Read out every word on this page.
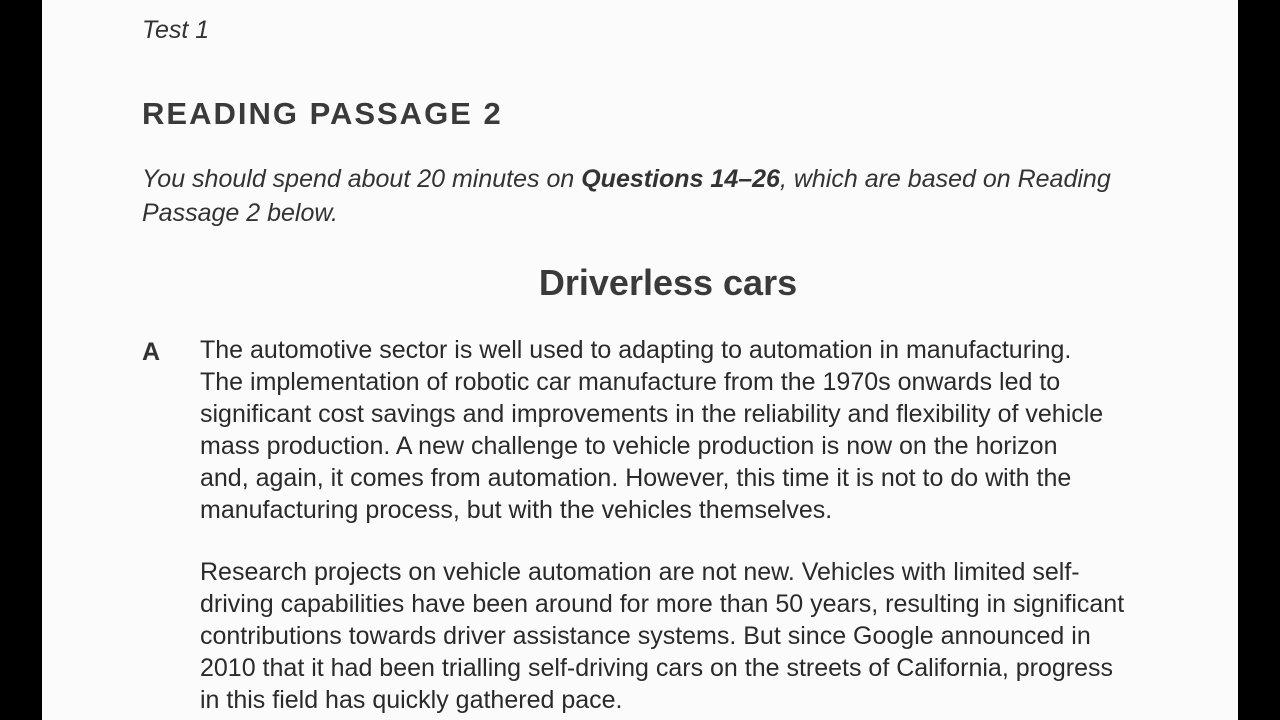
Test 1
READING PASSAGE 2
You should spend about 20 minutes on Questions 14–26, which are based on Reading Passage 2 below.
Driverless cars
A The automotive sector is well used to adapting to automation in manufacturing.
The implementation of robotic car manufacture from the 1970s onwards led to
significant cost savings and improvements in the reliability and flexibility of vehicle
mass production. A new challenge to vehicle production is now on the horizon
and, again, it comes from automation. However, this time it is not to do with the
manufacturing process, but with the vehicles themselves.
Research projects on vehicle automation are not new. Vehicles with limited self-
driving capabilities have been around for more than 50 years, resulting in significant
contributions towards driver assistance systems. But since Google announced in
2010 that it had been trialling self-driving cars on the streets of California, progress
in this field has quickly gathered pace.
